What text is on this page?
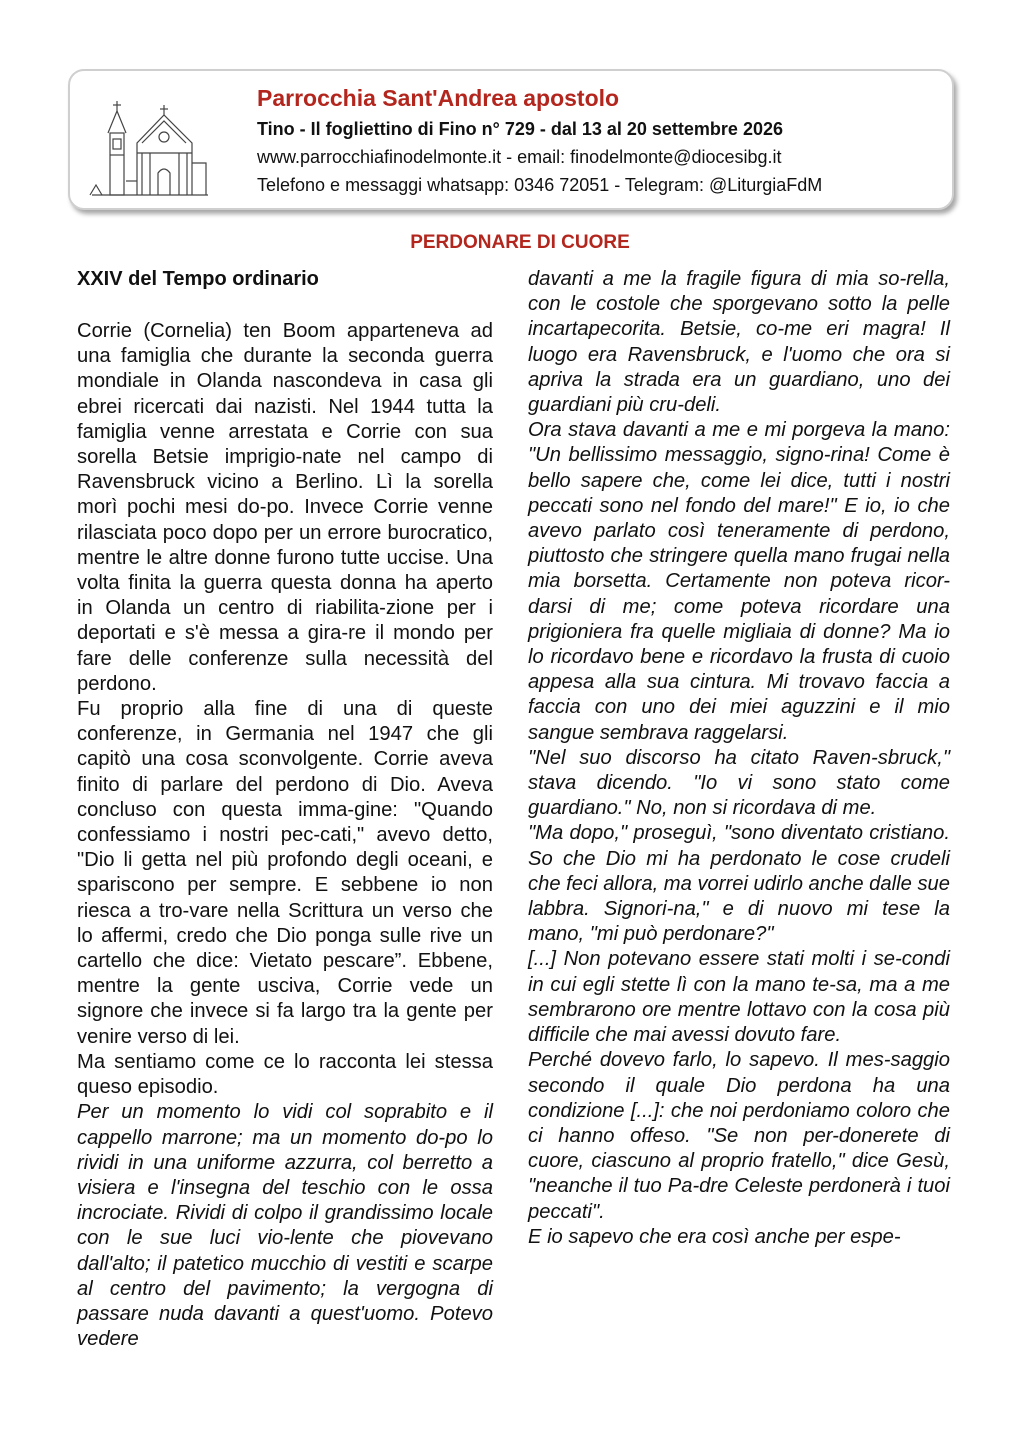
Parrocchia Sant'Andrea apostolo
Tino - Il fogliettino di Fino n° 729 - dal 13 al 20 settembre 2026
www.parrocchiafinodelmonte.it - email: finodelmonte@diocesibg.it
Telefono e messaggi whatsapp: 0346 72051 - Telegram: @LiturgiaFdM
PERDONARE DI CUORE

XXIV del Tempo ordinario

Corrie (Cornelia) ten Boom apparteneva ad una famiglia che durante la seconda guerra mondiale in Olanda nascondeva in casa gli ebrei ricercati dai nazisti. Nel 1944 tutta la famiglia venne arrestata e Corrie con sua sorella Betsie imprigio-nate nel campo di Ravensbruck vicino a Berlino. Lì la sorella morì pochi mesi do-po. Invece Corrie venne rilasciata poco dopo per un errore burocratico, mentre le altre donne furono tutte uccise. Una volta finita la guerra questa donna ha aperto in Olanda un centro di riabilita-zione per i deportati e s'è messa a gira-re il mondo per fare delle conferenze sulla necessità del perdono.

Fu proprio alla fine di una di queste conferenze, in Germania nel 1947 che gli capitò una cosa sconvolgente. Corrie aveva finito di parlare del perdono di Dio. Aveva concluso con questa imma-gine: "Quando confessiamo i nostri pec-cati," avevo detto, "Dio li getta nel più profondo degli oceani, e spariscono per sempre. E sebbene io non riesca a tro-vare nella Scrittura un verso che lo affermi, credo che Dio ponga sulle rive un cartello che dice: Vietato pescare”. Ebbene, mentre la gente usciva, Corrie vede un signore che invece si fa largo tra la gente per venire verso di lei.

Ma sentiamo come ce lo racconta lei stessa queso episodio.

Per un momento lo vidi col soprabito e il cappello marrone; ma un momento do-po lo rividi in una uniforme azzurra, col berretto a visiera e l'insegna del teschio con le ossa incrociate. Rividi di colpo il grandissimo locale con le sue luci vio-lente che piovevano dall'alto; il patetico mucchio di vestiti e scarpe al centro del pavimento; la vergogna di passare nuda davanti a quest'uomo. Potevo vedere

davanti a me la fragile figura di mia so-rella, con le costole che sporgevano sotto la pelle incartapecorita. Betsie, co-me eri magra! Il luogo era Ravensbruck, e l'uomo che ora si apriva la strada era un guardiano, uno dei guardiani più cru-deli.

Ora stava davanti a me e mi porgeva la mano: "Un bellissimo messaggio, signo-rina! Come è bello sapere che, come lei dice, tutti i nostri peccati sono nel fondo del mare!" E io, io che avevo parlato così teneramente di perdono, piuttosto che stringere quella mano frugai nella mia borsetta. Certamente non poteva ricor-darsi di me; come poteva ricordare una prigioniera fra quelle migliaia di donne? Ma io lo ricordavo bene e ricordavo la frusta di cuoio appesa alla sua cintura. Mi trovavo faccia a faccia con uno dei miei aguzzini e il mio sangue sembrava raggelarsi.

"Nel suo discorso ha citato Raven-sbruck," stava dicendo. "Io vi sono stato come guardiano." No, non si ricordava di me.

"Ma dopo," proseguì, "sono diventato cristiano. So che Dio mi ha perdonato le cose crudeli che feci allora, ma vorrei udirlo anche dalle sue labbra. Signori-na," e di nuovo mi tese la mano, "mi può perdonare?"

[...] Non potevano essere stati molti i se-condi in cui egli stette lì con la mano te-sa, ma a me sembrarono ore mentre lottavo con la cosa più difficile che mai avessi dovuto fare.

Perché dovevo farlo, lo sapevo. Il mes-saggio secondo il quale Dio perdona ha una condizione [...]: che noi perdoniamo coloro che ci hanno offeso. "Se non per-donerete di cuore, ciascuno al proprio fratello," dice Gesù, "neanche il tuo Pa-dre Celeste perdonerà i tuoi peccati".

E io sapevo che era così anche per espe-
